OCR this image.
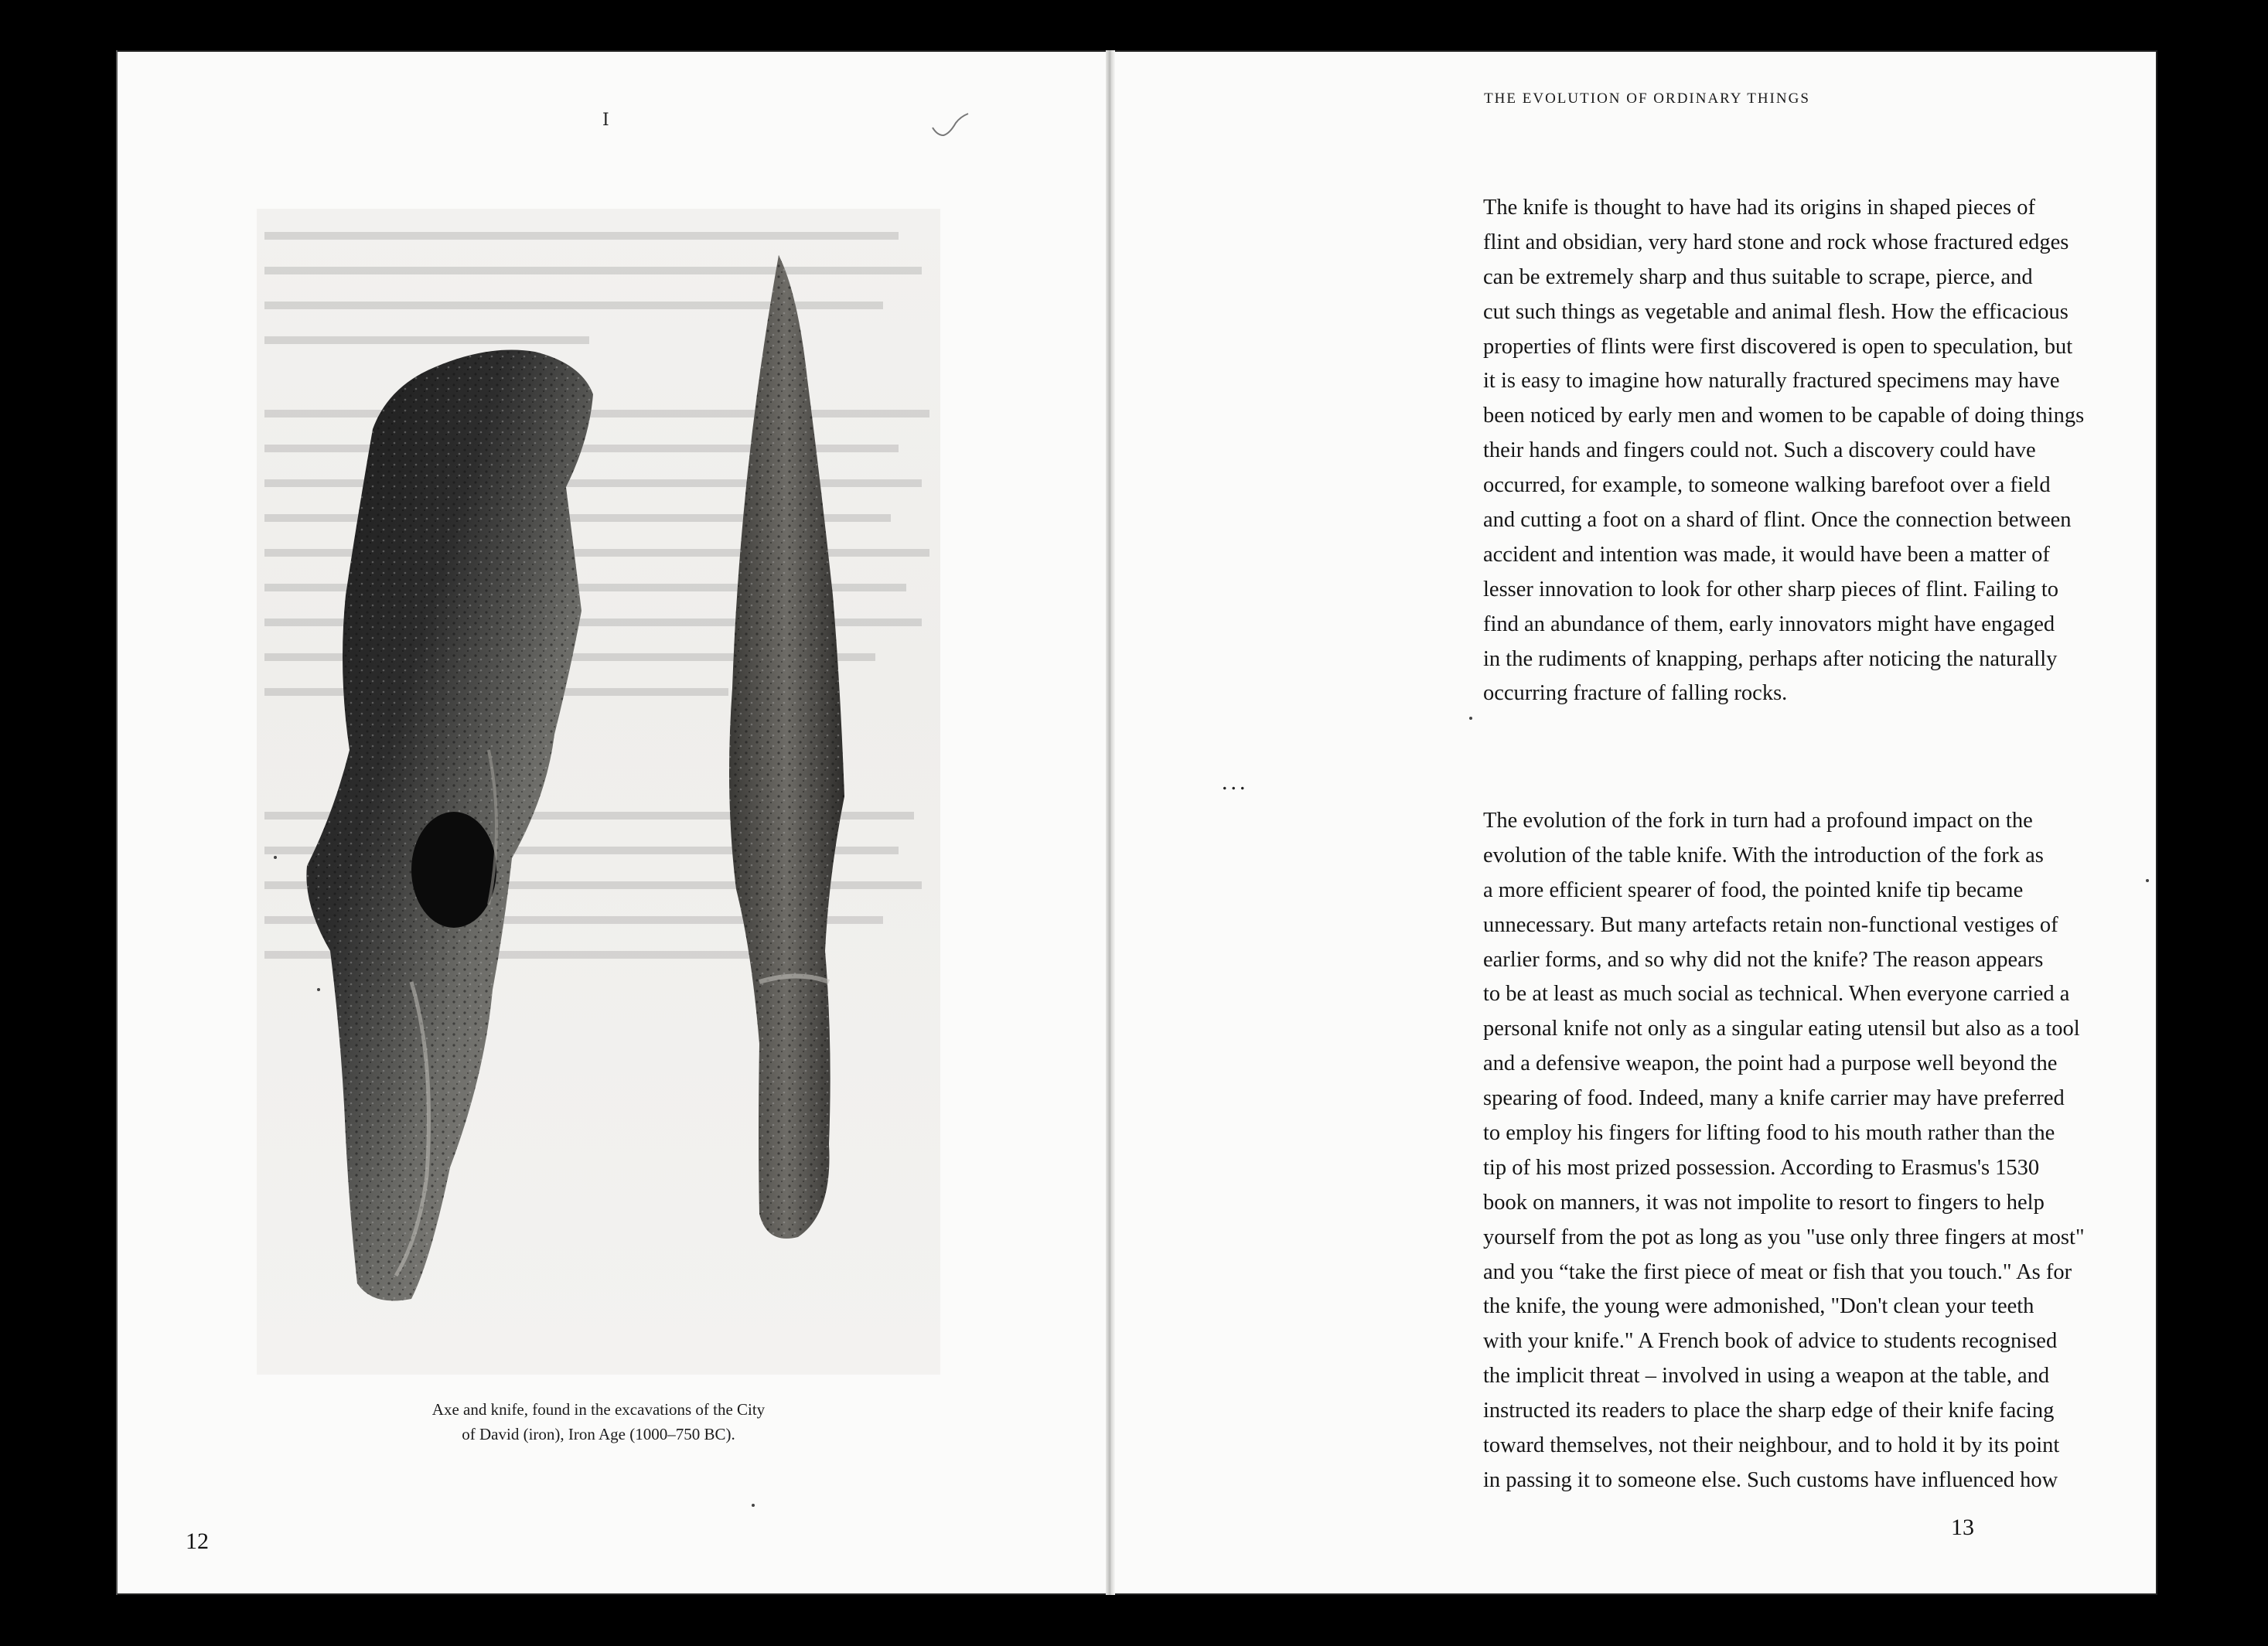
I
Axe and knife, found in the excavations of the City
of David (iron), Iron Age (1000–750 BC).
12
THE EVOLUTION OF ORDINARY THINGS
The knife is thought to have had its origins in shaped pieces of
flint and obsidian, very hard stone and rock whose fractured edges
can be extremely sharp and thus suitable to scrape, pierce, and
cut such things as vegetable and animal flesh. How the efficacious
properties of flints were first discovered is open to speculation, but
it is easy to imagine how naturally fractured specimens may have
been noticed by early men and women to be capable of doing things
their hands and fingers could not. Such a discovery could have
occurred, for example, to someone walking barefoot over a field
and cutting a foot on a shard of flint. Once the connection between
accident and intention was made, it would have been a matter of
lesser innovation to look for other sharp pieces of flint. Failing to
find an abundance of them, early innovators might have engaged
in the rudiments of knapping, perhaps after noticing the naturally
occurring fracture of falling rocks.
...
The evolution of the fork in turn had a profound impact on the
evolution of the table knife. With the introduction of the fork as
a more efficient spearer of food, the pointed knife tip became
unnecessary. But many artefacts retain non-functional vestiges of
earlier forms, and so why did not the knife? The reason appears
to be at least as much social as technical. When everyone carried a
personal knife not only as a singular eating utensil but also as a tool
and a defensive weapon, the point had a purpose well beyond the
spearing of food. Indeed, many a knife carrier may have preferred
to employ his fingers for lifting food to his mouth rather than the
tip of his most prized possession. According to Erasmus's 1530
book on manners, it was not impolite to resort to fingers to help
yourself from the pot as long as you "use only three fingers at most"
and you “take the first piece of meat or fish that you touch." As for
the knife, the young were admonished, "Don't clean your teeth
with your knife." A French book of advice to students recognised
the implicit threat – involved in using a weapon at the table, and
instructed its readers to place the sharp edge of their knife facing
toward themselves, not their neighbour, and to hold it by its point
in passing it to someone else. Such customs have influenced how
13
